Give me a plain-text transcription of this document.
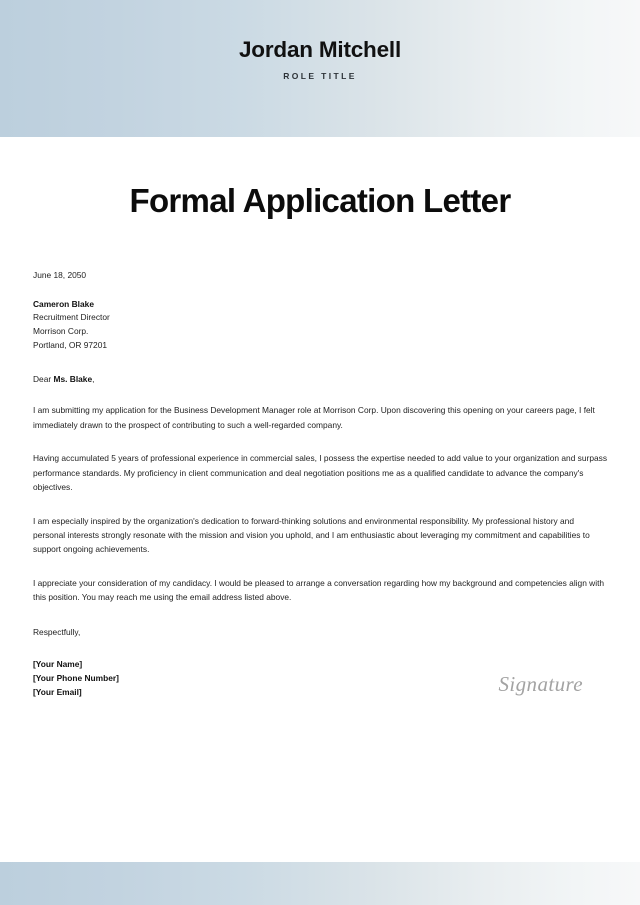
Jordan Mitchell
ROLE TITLE
Formal Application Letter
June 18, 2050
Cameron Blake
Recruitment Director
Morrison Corp.
Portland, OR 97201
Dear Ms. Blake,

I am submitting my application for the Business Development Manager role at Morrison Corp. Upon discovering this opening on your careers page, I felt immediately drawn to the prospect of contributing to such a well-regarded company.

Having accumulated 5 years of professional experience in commercial sales, I possess the expertise needed to add value to your organization and surpass performance standards. My proficiency in client communication and deal negotiation positions me as a qualified candidate to advance the company's objectives.

I am especially inspired by the organization's dedication to forward-thinking solutions and environmental responsibility. My professional history and personal interests strongly resonate with the mission and vision you uphold, and I am enthusiastic about leveraging my commitment and capabilities to support ongoing achievements.

I appreciate your consideration of my candidacy. I would be pleased to arrange a conversation regarding how my background and competencies align with this position. You may reach me using the email address listed above.

Respectfully,
[Your Name]
[Your Phone Number]
[Your Email]	Signature
